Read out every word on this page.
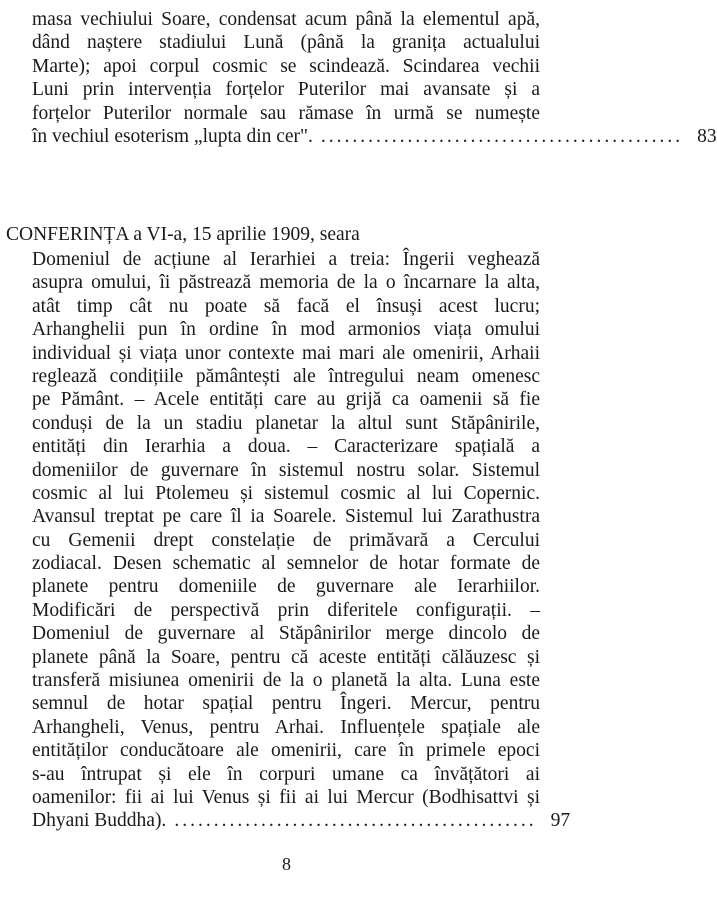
masa vechiului Soare, condensat acum până la elementul apă,
dând naștere stadiului Lună (până la granița actualului
Marte); apoi corpul cosmic se scindează. Scindarea vechii
Luni prin intervenția forțelor Puterilor mai avansate și a
forțelor Puterilor normale sau rămase în urmă se numește
în vechiul esoterism „lupta din cer". .............................................. 83
CONFERINȚA a VI-a, 15 aprilie 1909, seara
Domeniul de acțiune al Ierarhiei a treia: Îngerii veghează
asupra omului, îi păstrează memoria de la o încarnare la alta,
atât timp cât nu poate să facă el însuși acest lucru;
Arhanghelii pun în ordine în mod armonios viața omului
individual și viața unor contexte mai mari ale omenirii, Arhaii
reglează condițiile pământești ale întregului neam omenesc
pe Pământ. – Acele entități care au grijă ca oamenii să fie
conduși de la un stadiu planetar la altul sunt Stăpânirile,
entități din Ierarhia a doua. – Caracterizare spațială a
domeniilor de guvernare în sistemul nostru solar. Sistemul
cosmic al lui Ptolemeu și sistemul cosmic al lui Copernic.
Avansul treptat pe care îl ia Soarele. Sistemul lui Zarathustra
cu Gemenii drept constelație de primăvară a Cercului
zodiacal. Desen schematic al semnelor de hotar formate de
planete pentru domeniile de guvernare ale Ierarhiilor.
Modificări de perspectivă prin diferitele configurații. –
Domeniul de guvernare al Stăpânirilor merge dincolo de
planete până la Soare, pentru că aceste entități călăuzesc și
transferă misiunea omenirii de la o planetă la alta. Luna este
semnul de hotar spațial pentru Îngeri. Mercur, pentru
Arhangheli, Venus, pentru Arhai. Influențele spațiale ale
entităților conducătoare ale omenirii, care în primele epoci
s-au întrupat și ele în corpuri umane ca învățători ai
oamenilor: fii ai lui Venus și fii ai lui Mercur (Bodhisattvi și
Dhyani Buddha). .............................................. 97
8
